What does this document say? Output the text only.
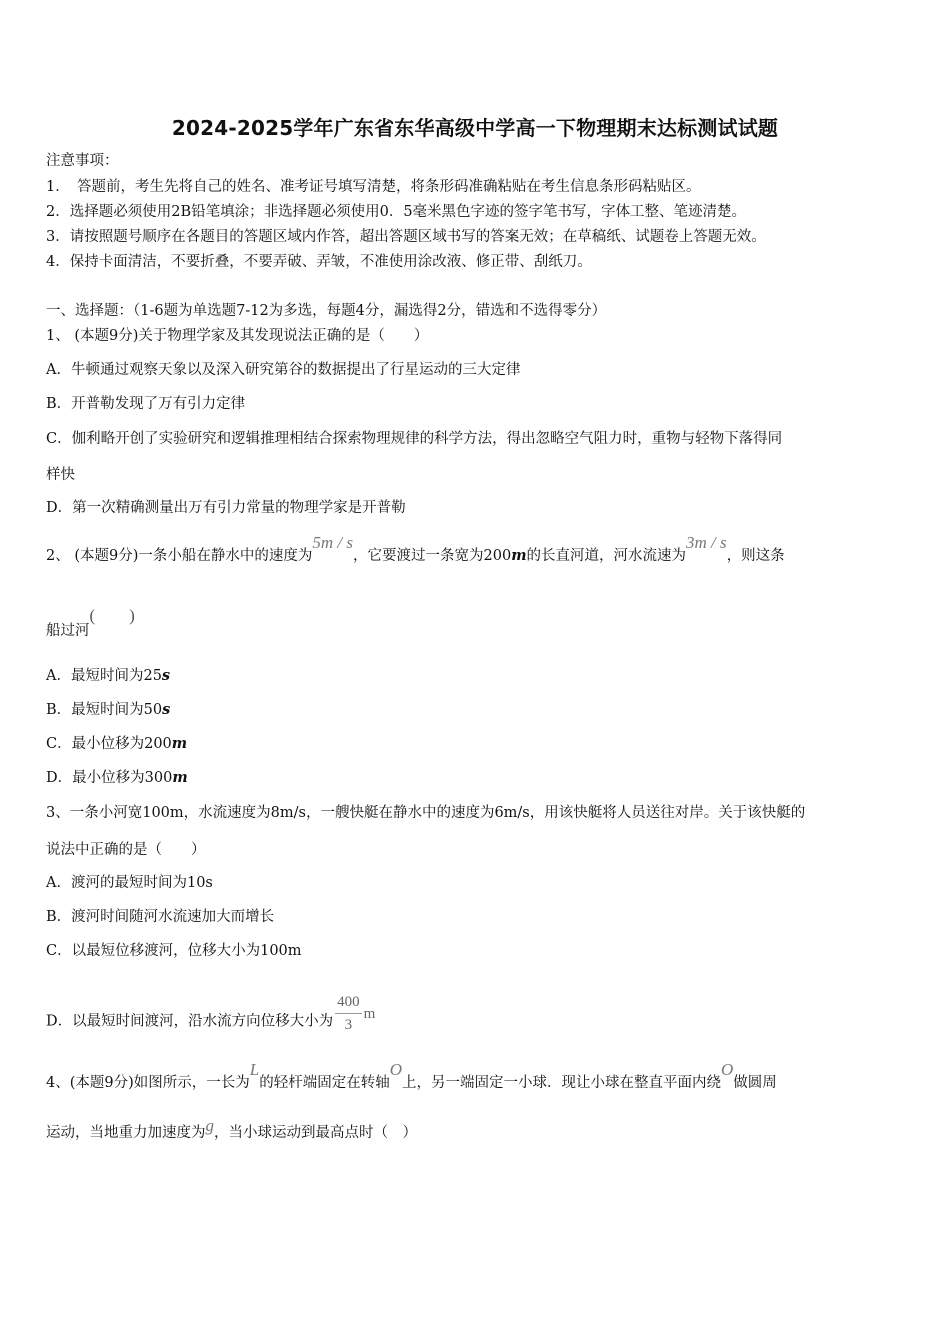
2024-2025学年广东省东华高级中学高一下物理期末达标测试试题
注意事项：
1．　答题前，考生先将自己的姓名、准考证号填写清楚，将条形码准确粘贴在考生信息条形码粘贴区。
2．选择题必须使用2B铅笔填涂；非选择题必须使用0．5毫米黑色字迹的签字笔书写，字体工整、笔迹清楚。
3．请按照题号顺序在各题目的答题区域内作答，超出答题区域书写的答案无效；在草稿纸、试题卷上答题无效。
4．保持卡面清洁，不要折叠，不要弄破、弄皱，不准使用涂改液、修正带、刮纸刀。
一、选择题：（1-6题为单选题7-12为多选，每题4分，漏选得2分，错选和不选得零分）
1、 (本题9分)关于物理学家及其发现说法正确的是（　　）
A．牛顿通过观察天象以及深入研究第谷的数据提出了行星运动的三大定律
B．开普勒发现了万有引力定律
C．伽利略开创了实验研究和逻辑推理相结合探索物理规律的科学方法，得出忽略空气阻力时，重物与轻物下落得同
样快
D．第一次精确测量出万有引力常量的物理学家是开普勒
2、 (本题9分)一条小船在静水中的速度为5m / s，它要渡过一条宽为200m的长直河道，河水流速为3m / s，则这条
船过河(　　)
A．最短时间为25s
B．最短时间为50s
C．最小位移为200m
D．最小位移为300m
3、一条小河宽100m，水流速度为8m/s，一艘快艇在静水中的速度为6m/s，用该快艇将人员送往对岸。关于该快艇的
说法中正确的是（　　）
A．渡河的最短时间为10s
B．渡河时间随河水流速加大而增长
C．以最短位移渡河，位移大小为100m
D．以最短时间渡河，沿水流方向位移大小为 $\frac{400}{3}$ m
4、(本题9分)如图所示，一长为L的轻杆端固定在转轴O上，另一端固定一小球．现让小球在整直平面内绕O做圆周
运动，当地重力加速度为g，当小球运动到最高点时（　）
